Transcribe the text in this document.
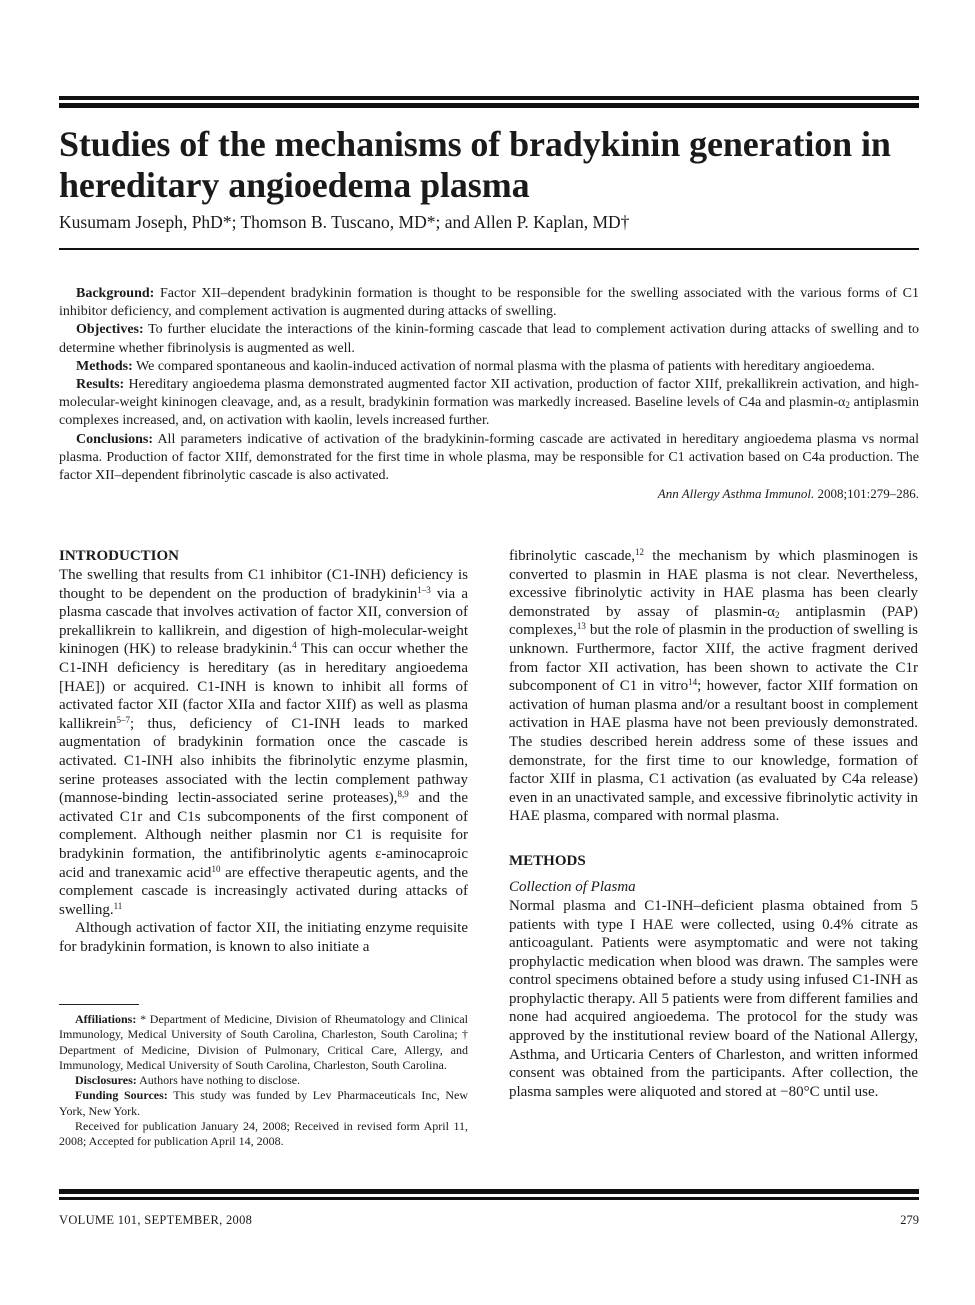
Studies of the mechanisms of bradykinin generation in hereditary angioedema plasma

Kusumam Joseph, PhD*; Thomson B. Tuscano, MD*; and Allen P. Kaplan, MD†

Background: Factor XII–dependent bradykinin formation is thought to be responsible for the swelling associated with the various forms of C1 inhibitor deficiency, and complement activation is augmented during attacks of swelling.

Objectives: To further elucidate the interactions of the kinin-forming cascade that lead to complement activation during attacks of swelling and to determine whether fibrinolysis is augmented as well.

Methods: We compared spontaneous and kaolin-induced activation of normal plasma with the plasma of patients with hereditary angioedema.

Results: Hereditary angioedema plasma demonstrated augmented factor XII activation, production of factor XIIf, prekallikrein activation, and high-molecular-weight kininogen cleavage, and, as a result, bradykinin formation was markedly increased. Baseline levels of C4a and plasmin-$\alpha_2$ antiplasmin complexes increased, and, on activation with kaolin, levels increased further.

Conclusions: All parameters indicative of activation of the bradykinin-forming cascade are activated in hereditary angioedema plasma vs normal plasma. Production of factor XIIf, demonstrated for the first time in whole plasma, may be responsible for C1 activation based on C4a production. The factor XII–dependent fibrinolytic cascade is also activated.

Ann Allergy Asthma Immunol. 2008;101:279–286.

INTRODUCTION

The swelling that results from C1 inhibitor (C1-INH) deficiency is thought to be dependent on the production of bradykinin$^{1-3}$ via a plasma cascade that involves activation of factor XII, conversion of prekallikrein to kallikrein, and digestion of high-molecular-weight kininogen (HK) to release bradykinin.$^4$ This can occur whether the C1-INH deficiency is hereditary (as in hereditary angioedema [HAE]) or acquired. C1-INH is known to inhibit all forms of activated factor XII (factor XIIa and factor XIIf) as well as plasma kallikrein$^{5-7}$; thus, deficiency of C1-INH leads to marked augmentation of bradykinin formation once the cascade is activated. C1-INH also inhibits the fibrinolytic enzyme plasmin, serine proteases associated with the lectin complement pathway (mannose-binding lectin-associated serine proteases),$^{8,9}$ and the activated C1r and C1s subcomponents of the first component of complement. Although neither plasmin nor C1 is requisite for bradykinin formation, the antifibrinolytic agents ε-aminocaproic acid and tranexamic acid$^{10}$ are effective therapeutic agents, and the complement cascade is increasingly activated during attacks of swelling.$^{11}$

Although activation of factor XII, the initiating enzyme requisite for bradykinin formation, is known to also initiate a

Affiliations: * Department of Medicine, Division of Rheumatology and Clinical Immunology, Medical University of South Carolina, Charleston, South Carolina; † Department of Medicine, Division of Pulmonary, Critical Care, Allergy, and Immunology, Medical University of South Carolina, Charleston, South Carolina.

Disclosures: Authors have nothing to disclose.

Funding Sources: This study was funded by Lev Pharmaceuticals Inc, New York, New York.

Received for publication January 24, 2008; Received in revised form April 11, 2008; Accepted for publication April 14, 2008.

fibrinolytic cascade,$^{12}$ the mechanism by which plasminogen is converted to plasmin in HAE plasma is not clear. Nevertheless, excessive fibrinolytic activity in HAE plasma has been clearly demonstrated by assay of plasmin-$\alpha_2$ antiplasmin (PAP) complexes,$^{13}$ but the role of plasmin in the production of swelling is unknown. Furthermore, factor XIIf, the active fragment derived from factor XII activation, has been shown to activate the C1r subcomponent of C1 in vitro$^{14}$; however, factor XIIf formation on activation of human plasma and/or a resultant boost in complement activation in HAE plasma have not been previously demonstrated. The studies described herein address some of these issues and demonstrate, for the first time to our knowledge, formation of factor XIIf in plasma, C1 activation (as evaluated by C4a release) even in an unactivated sample, and excessive fibrinolytic activity in HAE plasma, compared with normal plasma.

METHODS

Collection of Plasma

Normal plasma and C1-INH–deficient plasma obtained from 5 patients with type I HAE were collected, using 0.4% citrate as anticoagulant. Patients were asymptomatic and were not taking prophylactic medication when blood was drawn. The samples were control specimens obtained before a study using infused C1-INH as prophylactic therapy. All 5 patients were from different families and none had acquired angioedema. The protocol for the study was approved by the institutional review board of the National Allergy, Asthma, and Urticaria Centers of Charleston, and written informed consent was obtained from the participants. After collection, the plasma samples were aliquoted and stored at −80°C until use.

VOLUME 101, SEPTEMBER, 2008	279
